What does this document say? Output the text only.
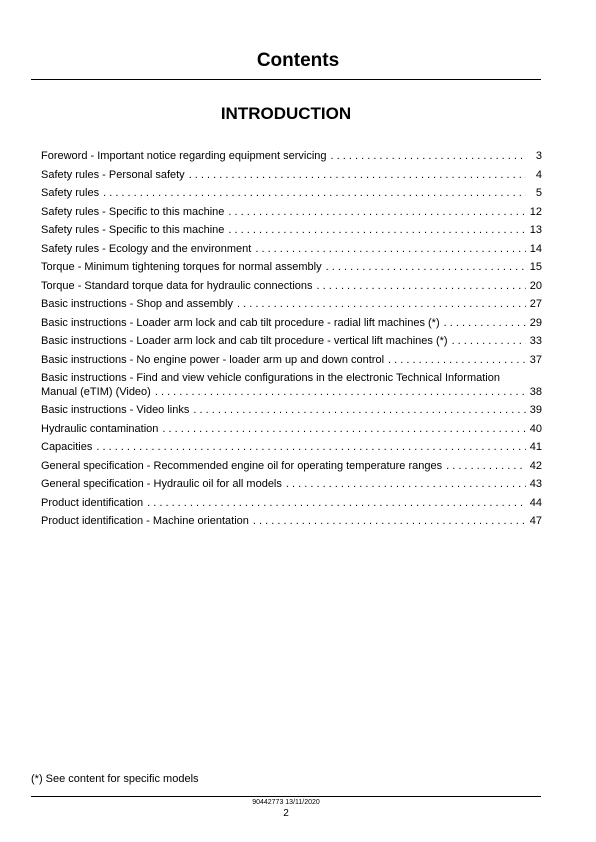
Contents
INTRODUCTION
Foreword - Important notice regarding equipment servicing . . .	3
Safety rules - Personal safety . . .	4
Safety rules . . .	5
Safety rules - Specific to this machine . . .	12
Safety rules - Specific to this machine . . .	13
Safety rules - Ecology and the environment . . .	14
Torque - Minimum tightening torques for normal assembly . . .	15
Torque - Standard torque data for hydraulic connections . . .	20
Basic instructions - Shop and assembly . . .	27
Basic instructions - Loader arm lock and cab tilt procedure - radial lift machines (*) . . .	29
Basic instructions - Loader arm lock and cab tilt procedure - vertical lift machines (*) . . .	33
Basic instructions - No engine power - loader arm up and down control . . .	37
Basic instructions - Find and view vehicle configurations in the electronic Technical Information
Manual (eTIM) (Video) . . .	38
Basic instructions - Video links . . .	39
Hydraulic contamination . . .	40
Capacities . . .	41
General specification - Recommended engine oil for operating temperature ranges . . .	42
General specification - Hydraulic oil for all models . . .	43
Product identification . . .	44
Product identification - Machine orientation . . .	47
(*) See content for specific models
90442773 13/11/2020
2
